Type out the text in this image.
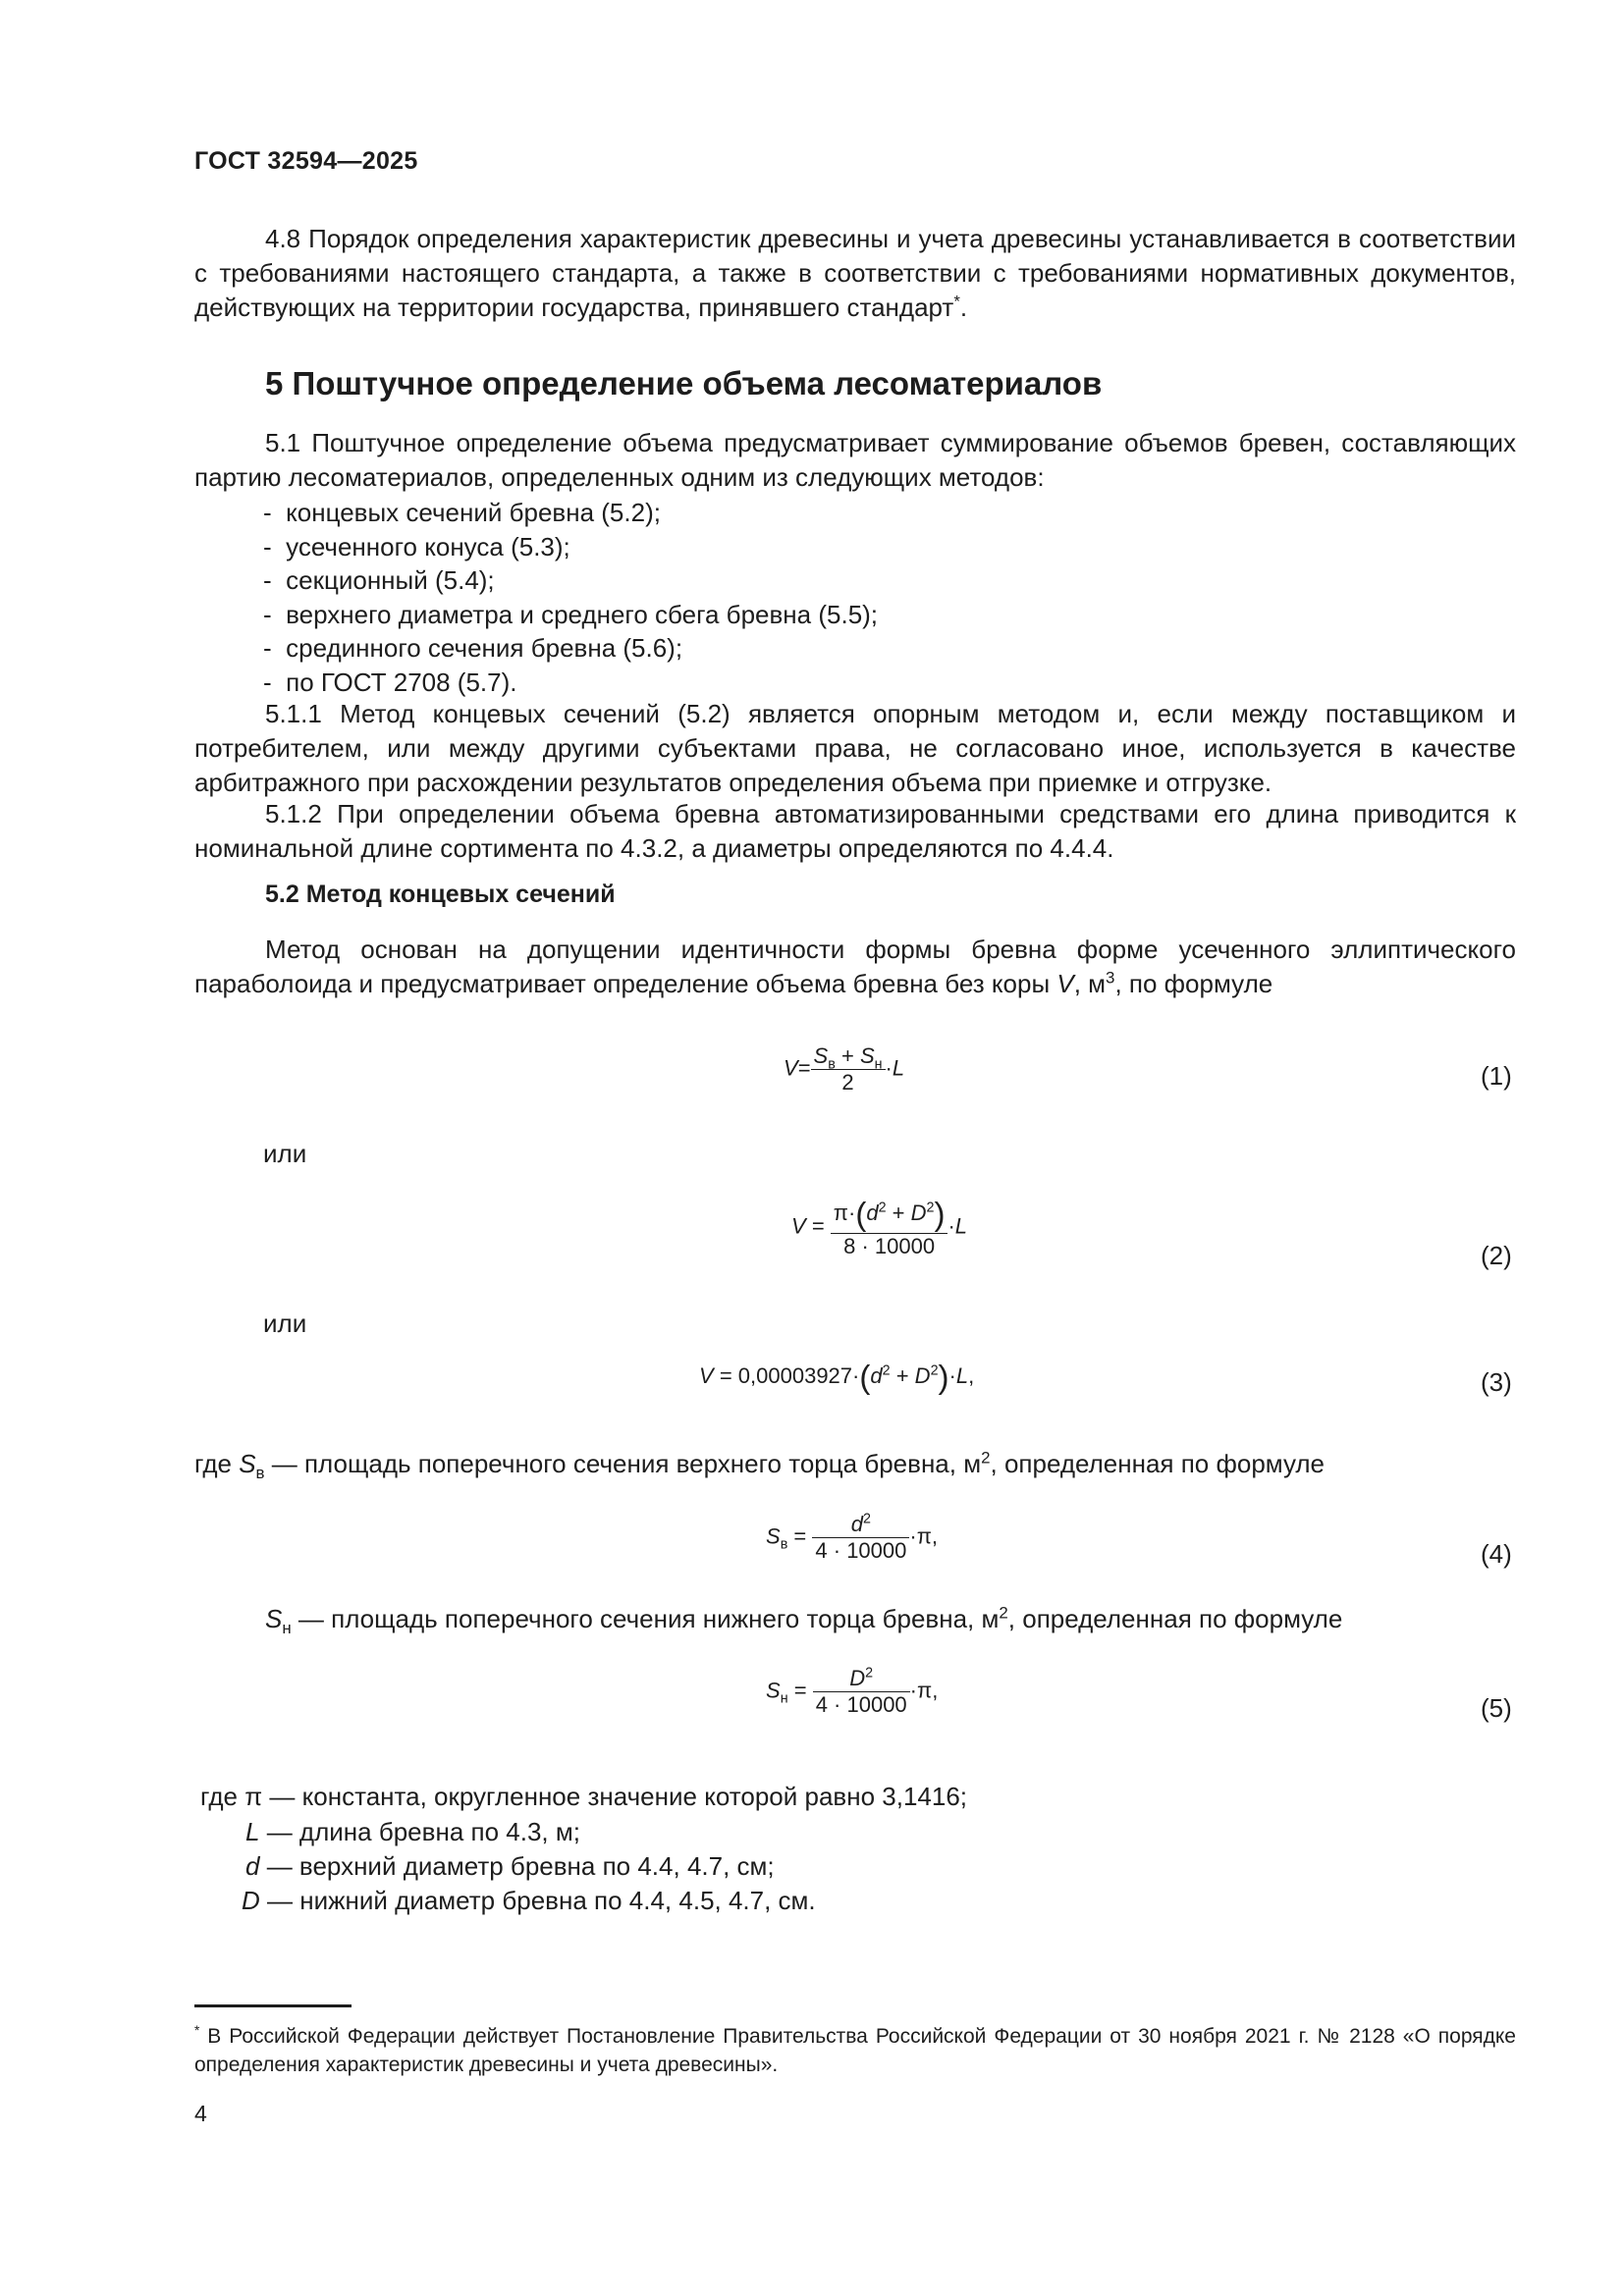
ГОСТ 32594—2025
4.8 Порядок определения характеристик древесины и учета древесины устанавливается в соответствии с требованиями настоящего стандарта, а также в соответствии с требованиями нормативных документов, действующих на территории государства, принявшего стандарт*.
5 Поштучное определение объема лесоматериалов
5.1 Поштучное определение объема предусматривает суммирование объемов бревен, составляющих партию лесоматериалов, определенных одним из следующих методов:
-  концевых сечений бревна (5.2);
-  усеченного конуса (5.3);
-  секционный (5.4);
-  верхнего диаметра и среднего сбега бревна (5.5);
-  срединного сечения бревна (5.6);
-  по ГОСТ 2708 (5.7).
5.1.1 Метод концевых сечений (5.2) является опорным методом и, если между поставщиком и потребителем, или между другими субъектами права, не согласовано иное, используется в качестве арбитражного при расхождении результатов определения объема при приемке и отгрузке.
5.1.2 При определении объема бревна автоматизированными средствами его длина приводится к номинальной длине сортимента по 4.3.2, а диаметры определяются по 4.4.4.
5.2 Метод концевых сечений
Метод основан на допущении идентичности формы бревна форме усеченного эллиптического параболоида и предусматривает определение объема бревна без коры V, $м^3$, по формуле
$V= \frac{S_в + S_н}{2} \cdot L$	(1)
или
$V = \frac{\pi\cdot(d^2 + D^2)}{8 \cdot 10000} \cdot L$
(2)
или
$V = 0,00003927\cdot(d^2 + D^2)\cdot L$,	(3)
где $S_в$ — площадь поперечного сечения верхнего торца бревна, $м^2$, определенная по формуле
$S_в = \frac{d^2}{4 \cdot 10000} \cdot\pi$,
(4)
$S_н$ — площадь поперечного сечения нижнего торца бревна, $м^2$, определенная по формуле
$S_н = \frac{D^2}{4 \cdot 10000} \cdot\pi$,
(5)
где π — константа, округленное значение которой равно 3,1416;
L — длина бревна по 4.3, м;
d — верхний диаметр бревна по 4.4, 4.7, см;
D — нижний диаметр бревна по 4.4, 4.5, 4.7, см.
* В Российской Федерации действует Постановление Правительства Российской Федерации от 30 ноября 2021 г. № 2128 «О порядке определения характеристик древесины и учета древесины».
4
